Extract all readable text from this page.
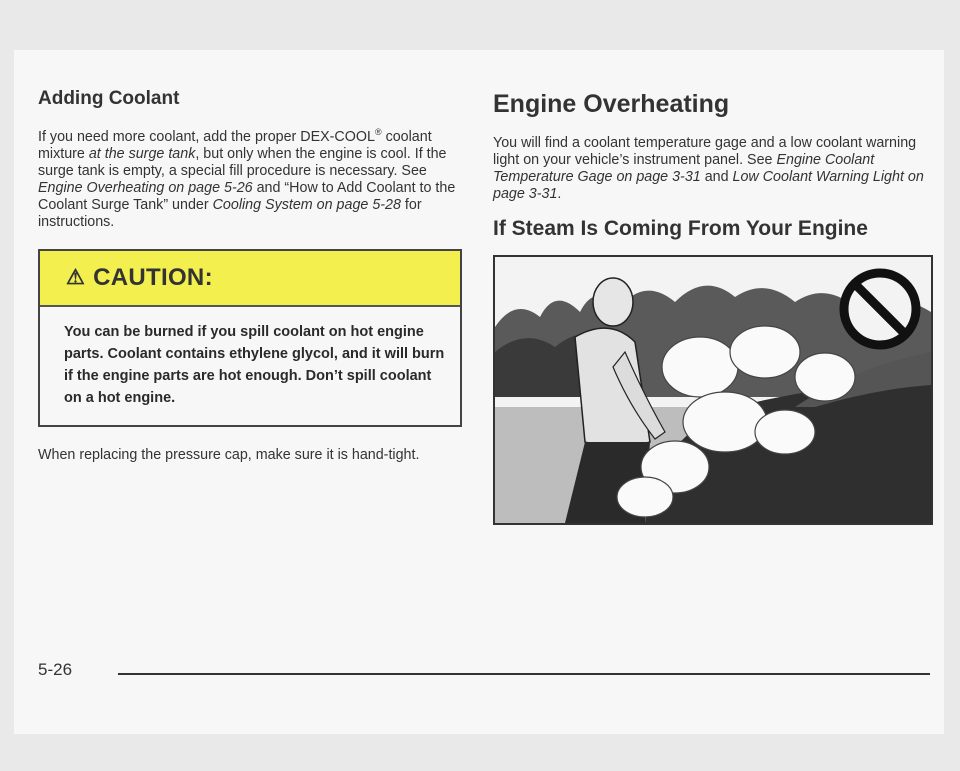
Adding Coolant

If you need more coolant, add the proper DEX-COOL® coolant mixture at the surge tank, but only when the engine is cool. If the surge tank is empty, a special fill procedure is necessary. See Engine Overheating on page 5-26 and “How to Add Coolant to the Coolant Surge Tank” under Cooling System on page 5-28 for instructions.

⚠ CAUTION:
You can be burned if you spill coolant on hot engine parts. Coolant contains ethylene glycol, and it will burn if the engine parts are hot enough. Don’t spill coolant on a hot engine.

When replacing the pressure cap, make sure it is hand-tight.

Engine Overheating

You will find a coolant temperature gage and a low coolant warning light on your vehicle’s instrument panel. See Engine Coolant Temperature Gage on page 3-31 and Low Coolant Warning Light on page 3-31.

If Steam Is Coming From Your Engine
5-26
